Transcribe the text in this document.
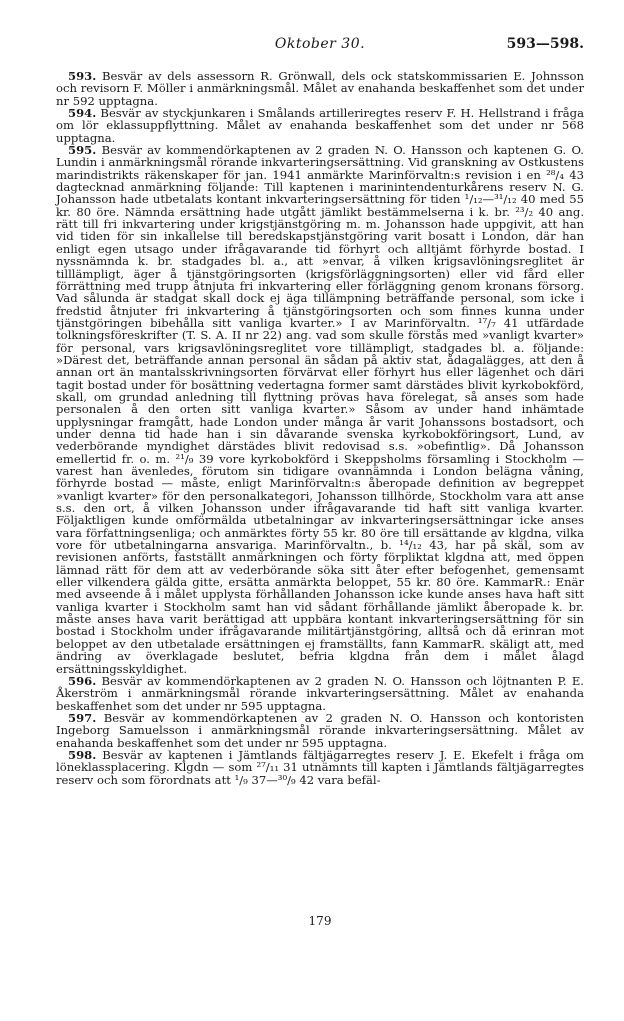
Oktober 30.	593—598.

593. Besvär av dels assessorn R. Grönwall, dels ock statskommissarien E. Johnsson och revisorn F. Möller i anmärkningsmål. Målet av enahanda beskaffenhet som det under nr 592 upptagna.

594. Besvär av styckjunkaren i Smålands artilleriregtes reserv F. H. Hellstrand i fråga om lör eklassuppflyttning. Målet av enahanda beskaffenhet som det under nr 568 upptagna.

595. Besvär av kommendörkaptenen av 2 graden N. O. Hansson och kaptenen G. O. Lundin i anmärkningsmål rörande inkvarteringsersättning. Vid granskning av Ostkustens marindistrikts räkenskaper för jan. 1941 anmärkte Marinförvaltn:s revision i en ²⁸/₄ 43 dagtecknad anmärkning följande: Till kaptenen i marinintendenturkårens reserv N. G. Johansson hade utbetalats kontant inkvarteringsersättning för tiden ¹/₁₂—³¹/₁₂ 40 med 55 kr. 80 öre. Nämnda ersättning hade utgått jämlikt bestämmelserna i k. br. ²³/₂ 40 ang. rätt till fri inkvartering under krigstjänstgöring m. m. Johansson hade uppgivit, att han vid tiden för sin inkallelse till beredskapstjänstgöring varit bosatt i London, där han enligt egen utsago under ifrågavarande tid förhyrt och alltjämt förhyrde bostad. I nyssnämnda k. br. stadgades bl. a., att »envar, å vilken krigsavlöningsreglitet är tilllämpligt, äger å tjänstgöringsorten (krigsförläggningsorten) eller vid fård eller förrättning med trupp åtnjuta fri inkvartering eller förläggning genom kronans försorg. Vad sålunda är stadgat skall dock ej äga tillämpning beträffande personal, som icke i fredstid åtnjuter fri inkvartering å tjänstgöringsorten och som finnes kunna under tjänstgöringen bibehålla sitt vanliga kvarter.» I av Marinförvaltn. ¹⁷/₇ 41 utfärdade tolkningsföreskrifter (T. S. A. II nr 22) ang. vad som skulle förstås med »vanligt kvarter» för personal, vars krigsavlöningsreglitet vore tillämpligt, stadgades bl. a. följande: »Därest det, beträffande annan personal än sådan på aktiv stat, ådagalägges, att den å annan ort än mantalsskrivningsorten förvärvat eller förhyrt hus eller lägenhet och däri tagit bostad under för bosättning vedertagna former samt därstädes blivit kyrkobokförd, skall, om grundad anledning till flyttning prövas hava förelegat, så anses som hade personalen å den orten sitt vanliga kvarter.» Såsom av under hand inhämtade upplysningar framgått, hade London under många år varit Johanssons bostadsort, och under denna tid hade han i sin dåvarande svenska kyrkobokföringsort, Lund, av vederbörande myndighet därstädes blivit redovisad s.s. »obefintlig». Då Johansson emellertid fr. o. m. ²¹/₉ 39 vore kyrkobokförd i Skeppsholms församling i Stockholm — varest han ävenledes, förutom sin tidigare ovannämnda i London belägna våning, förhyrde bostad — måste, enligt Marinförvaltn:s åberopade definition av begreppet »vanligt kvarter» för den personalkategori, Johansson tillhörde, Stockholm vara att anse s.s. den ort, å vilken Johansson under ifrågavarande tid haft sitt vanliga kvarter. Följaktligen kunde omförmälda utbetalningar av inkvarteringsersättningar icke anses vara författningsenliga; och anmärktes förty 55 kr. 80 öre till ersättande av klgdna, vilka vore för utbetalningarna ansvariga. Marinförvaltn., b. ¹⁴/₁₂ 43, har på skäl, som av revisionen anförts, fastställt anmärkningen och förty förpliktat klgdna att, med öppen lämnad rätt för dem att av vederbörande söka sitt åter efter befogenhet, gemensamt eller vilkendera gälda gitte, ersätta anmärkta beloppet, 55 kr. 80 öre. KammarR.: Enär med avseende å i målet upplysta förhållanden Johansson icke kunde anses hava haft sitt vanliga kvarter i Stockholm samt han vid sådant förhållande jämlikt åberopade k. br. måste anses hava varit berättigad att uppbära kontant inkvarteringsersättning för sin bostad i Stockholm under ifrågavarande militärtjänstgöring, alltså och då erinran mot beloppet av den utbetalade ersättningen ej framställts, fann KammarR. skäligt att, med ändring av överklagade beslutet, befria klgdna från dem i målet ålagd ersättningsskyldighet.

596. Besvär av kommendörkaptenen av 2 graden N. O. Hansson och löjtnanten P. E. Åkerström i anmärkningsmål rörande inkvarteringsersättning. Målet av enahanda beskaffenhet som det under nr 595 upptagna.

597. Besvär av kommendörkaptenen av 2 graden N. O. Hansson och kontoristen Ingeborg Samuelsson i anmärkningsmål rörande inkvarteringsersättning. Målet av enahanda beskaffenhet som det under nr 595 upptagna.

598. Besvär av kaptenen i Jämtlands fältjägarregtes reserv J. E. Ekefelt i fråga om löneklassplacering. Klgdn — som ²⁷/₁₁ 31 utnämnts till kapten i Jämtlands fältjägarregtes reserv och som förordnats att ¹/₉ 37—³⁰/₉ 42 vara befäl-

179
